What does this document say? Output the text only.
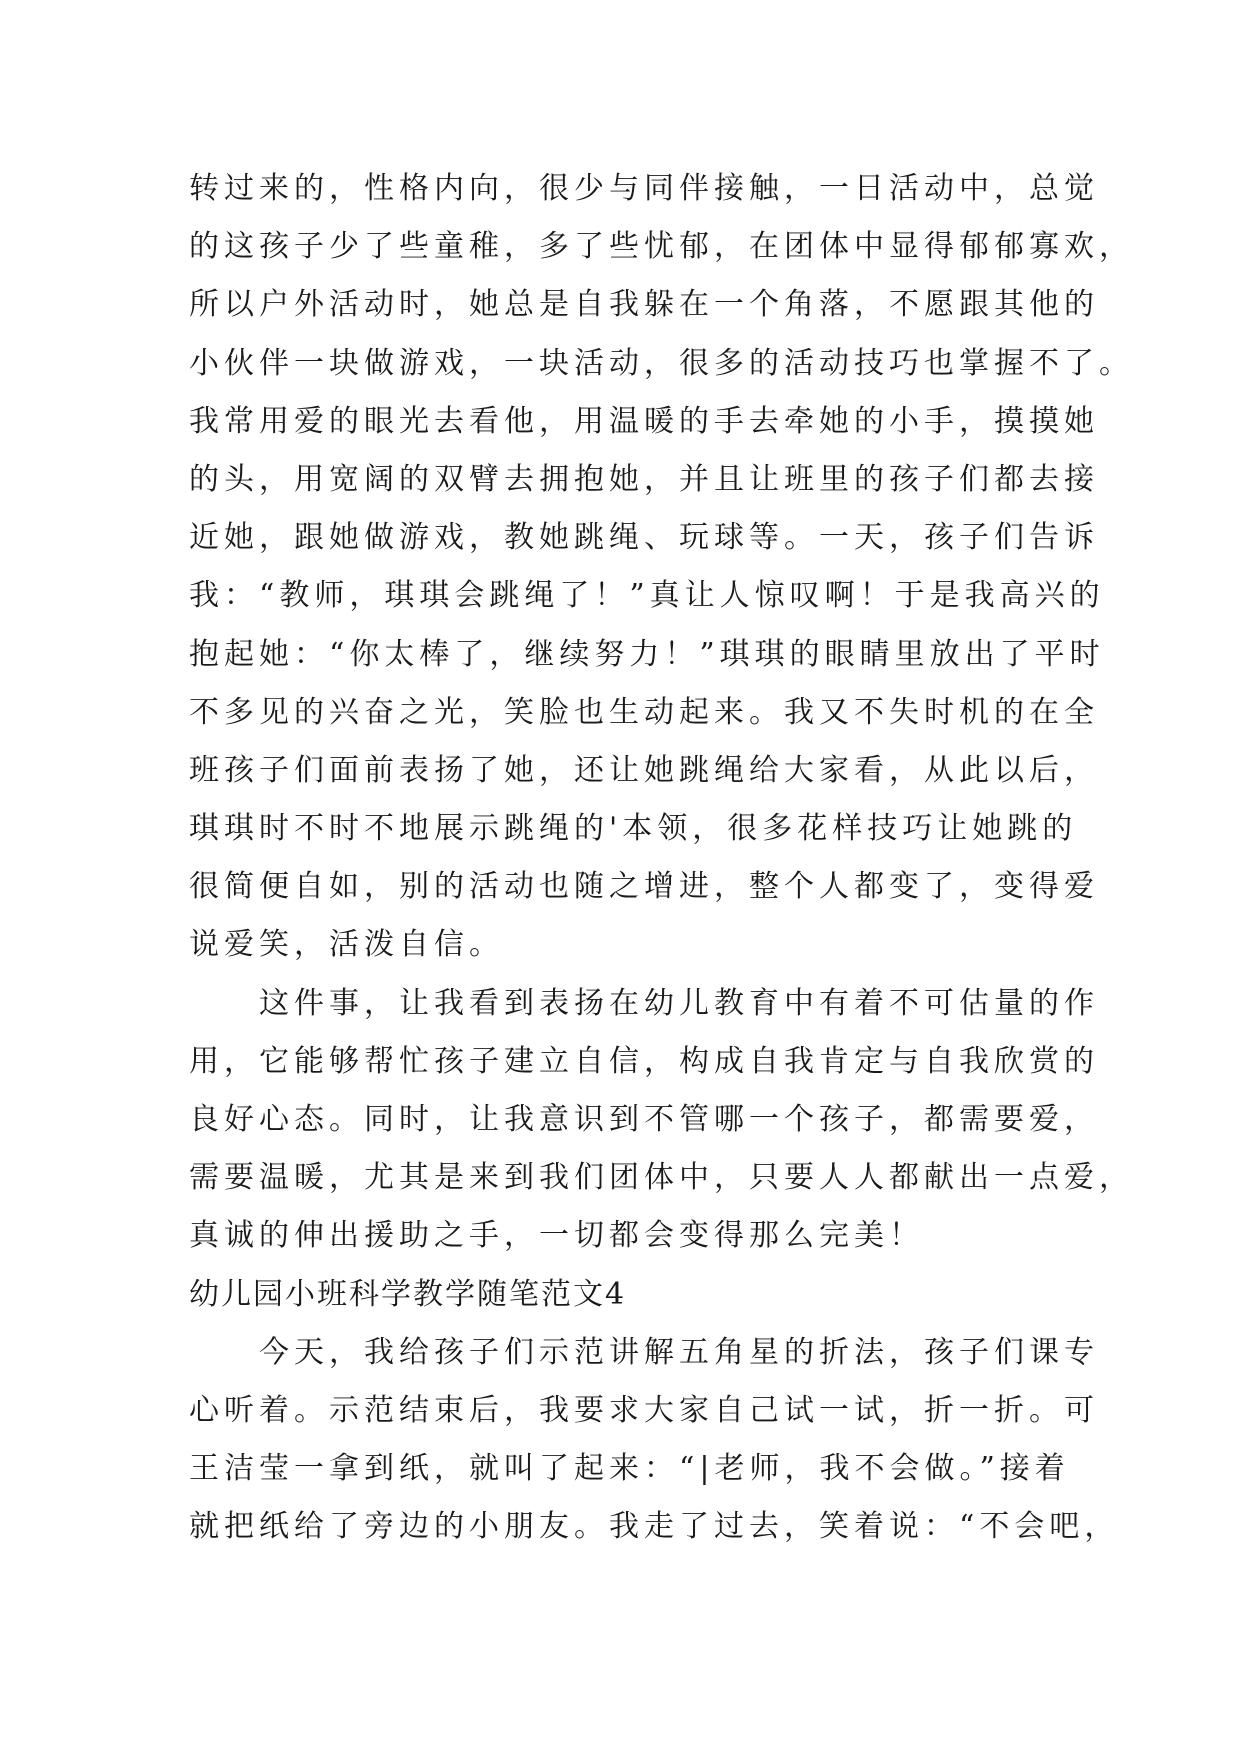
转过来的，性格内向，很少与同伴接触，一日活动中，总觉
的这孩子少了些童稚，多了些忧郁，在团体中显得郁郁寡欢，
所以户外活动时，她总是自我躲在一个角落，不愿跟其他的
小伙伴一块做游戏，一块活动，很多的活动技巧也掌握不了。
我常用爱的眼光去看他，用温暖的手去牵她的小手，摸摸她
的头，用宽阔的双臂去拥抱她，并且让班里的孩子们都去接
近她，跟她做游戏，教她跳绳、玩球等。一天，孩子们告诉
我：“教师，琪琪会跳绳了！”真让人惊叹啊！于是我高兴的
抱起她：“你太棒了，继续努力！”琪琪的眼睛里放出了平时
不多见的兴奋之光，笑脸也生动起来。我又不失时机的在全
班孩子们面前表扬了她，还让她跳绳给大家看，从此以后，
琪琪时不时不地展示跳绳的'本领，很多花样技巧让她跳的
很简便自如，别的活动也随之增进，整个人都变了，变得爱
说爱笑，活泼自信。
这件事，让我看到表扬在幼儿教育中有着不可估量的作
用，它能够帮忙孩子建立自信，构成自我肯定与自我欣赏的
良好心态。同时，让我意识到不管哪一个孩子，都需要爱，
需要温暖，尤其是来到我们团体中，只要人人都献出一点爱，
真诚的伸出援助之手，一切都会变得那么完美！
幼儿园小班科学教学随笔范文4
今天，我给孩子们示范讲解五角星的折法，孩子们课专
心听着。示范结束后，我要求大家自己试一试，折一折。可
王洁莹一拿到纸，就叫了起来：“|老师，我不会做。”接着
就把纸给了旁边的小朋友。我走了过去，笑着说：“不会吧，
